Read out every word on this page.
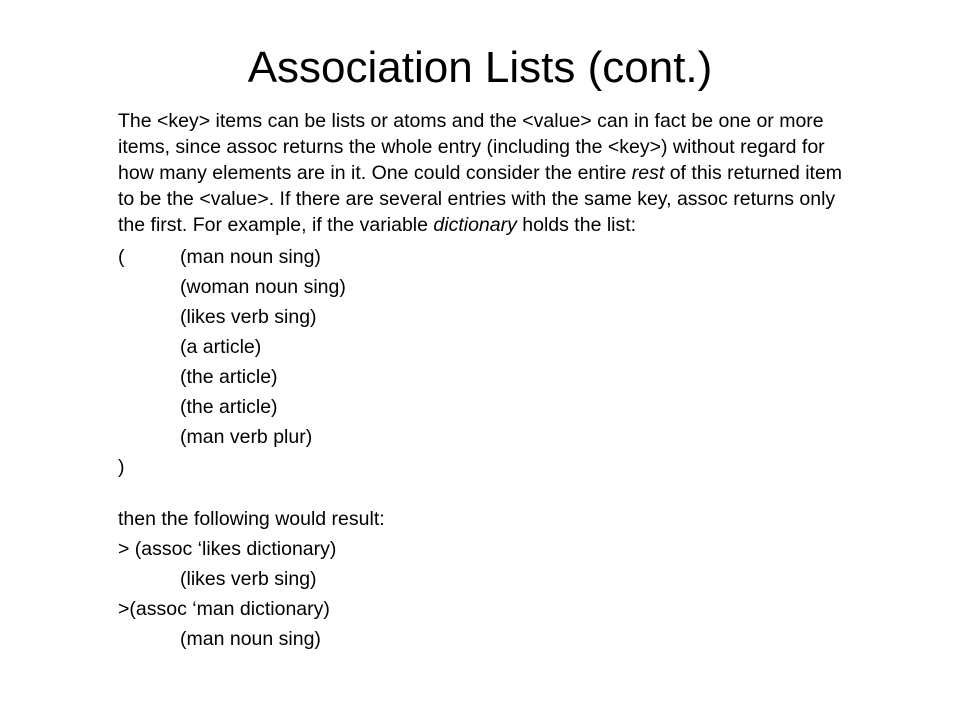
Association Lists (cont.)

The <key> items can be lists or atoms and the <value> can in fact be one or more items, since assoc returns the whole entry (including the <key>) without regard for how many elements are in it. One could consider the entire rest of this returned item to be the <value>. If there are several entries with the same key, assoc returns only the first. For example, if the variable dictionary holds the list:

(	(man noun sing)
(woman noun sing)
(likes verb sing)
(a article)
(the article)
(the article)
(man verb plur)
)
then the following would result:
> (assoc ‘likes dictionary)
(likes verb sing)
>(assoc ‘man dictionary)
(man noun sing)
